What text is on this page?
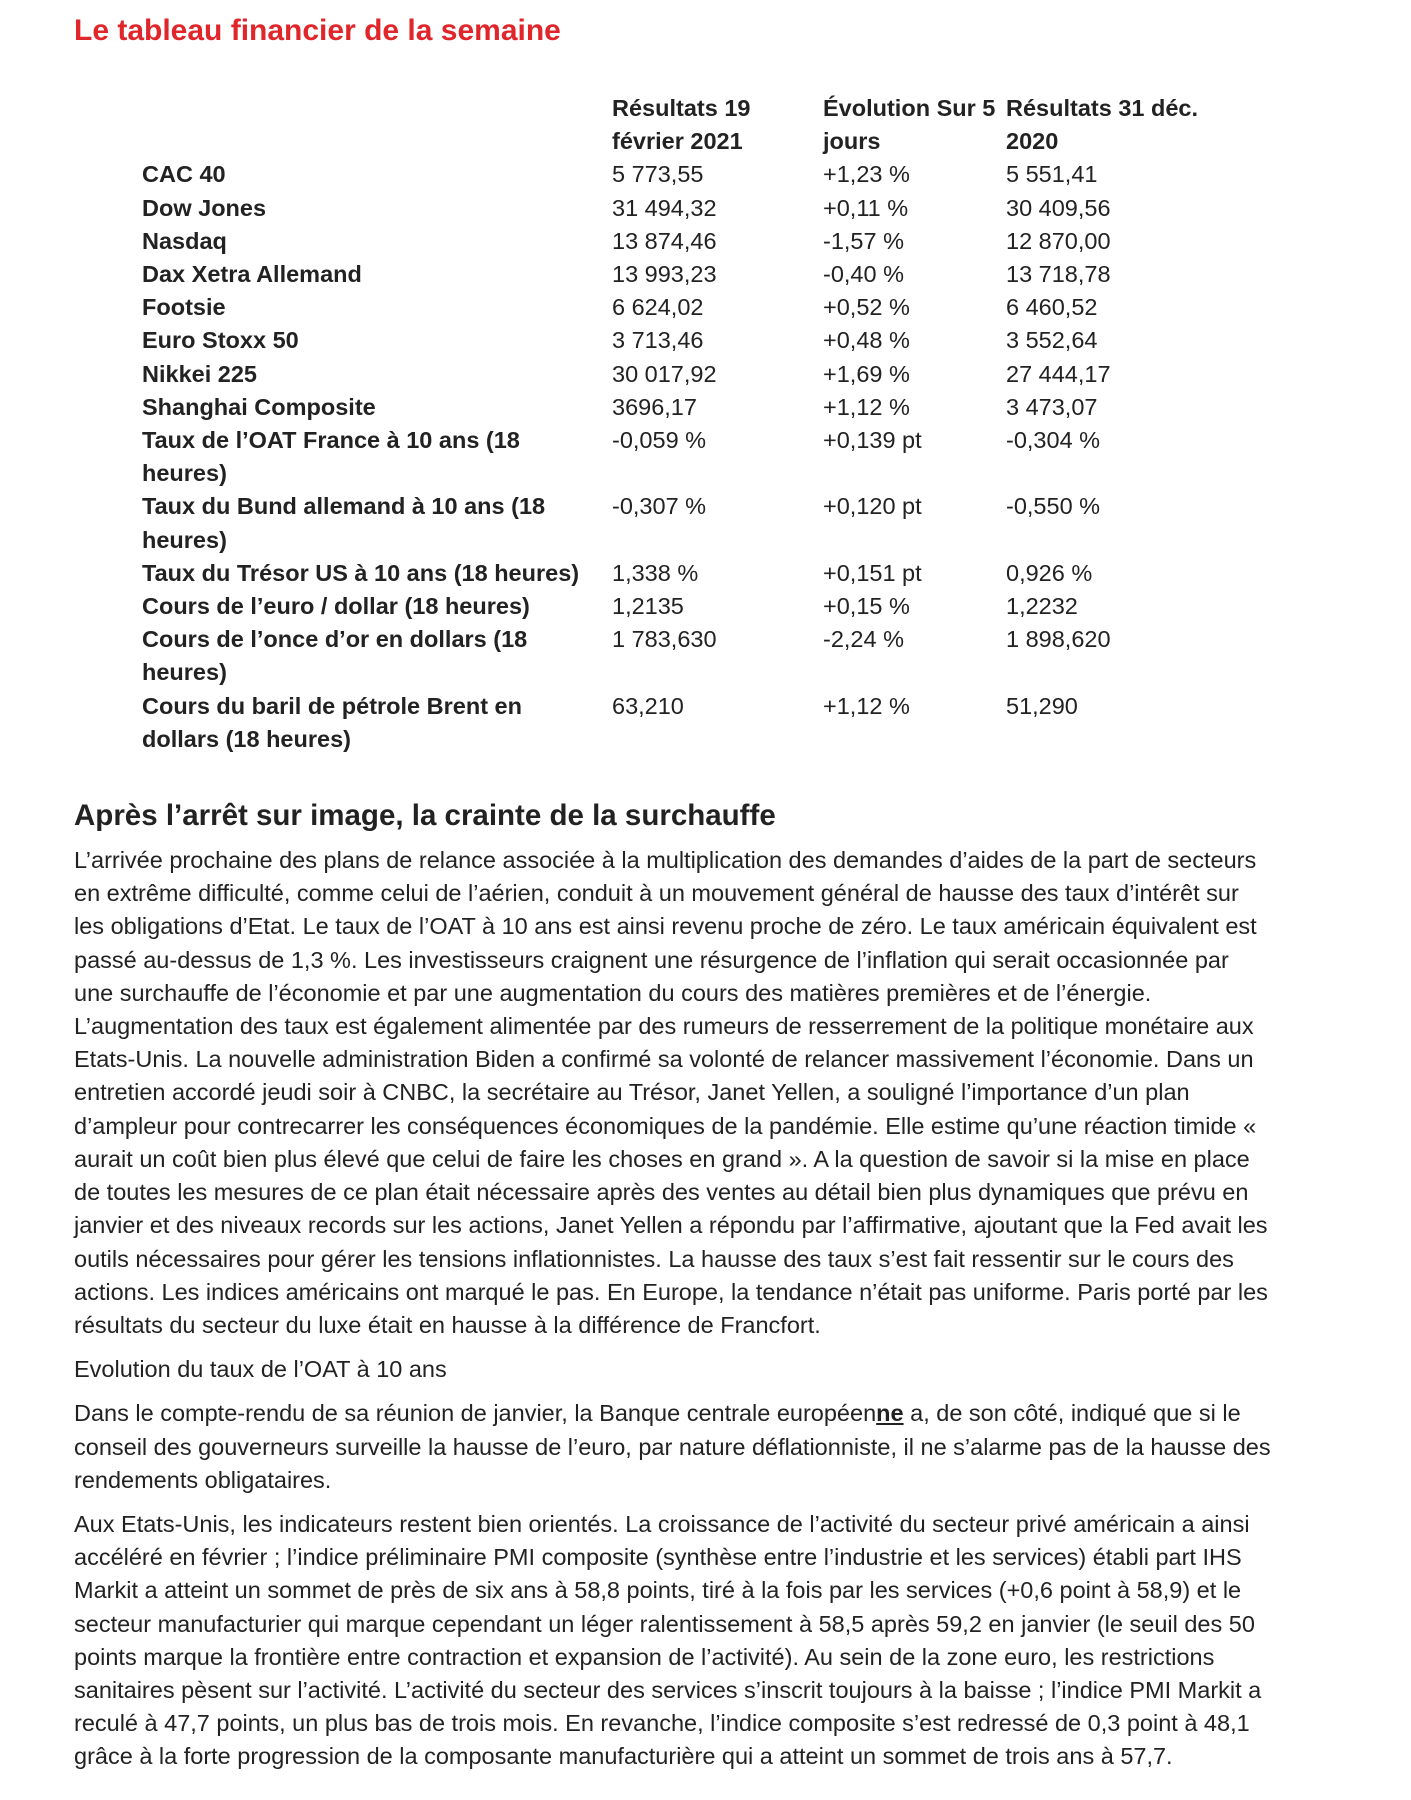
Le tableau financier de la semaine
	Résultats 19 février 2021	Évolution Sur 5 jours	Résultats 31 déc. 2020
CAC 40	5 773,55	+1,23 %	5 551,41
Dow Jones	31 494,32	+0,11 %	30 409,56
Nasdaq	13 874,46	-1,57 %	12 870,00
Dax Xetra Allemand	13 993,23	-0,40 %	13 718,78
Footsie	6 624,02	+0,52 %	6 460,52
Euro Stoxx 50	3 713,46	+0,48 %	3 552,64
Nikkei 225	30 017,92	+1,69 %	27 444,17
Shanghai Composite	3696,17	+1,12 %	3 473,07
Taux de l’OAT France à 10 ans (18 heures)	-0,059 %	+0,139 pt	-0,304 %
Taux du Bund allemand à 10 ans (18 heures)	-0,307 %	+0,120 pt	-0,550 %
Taux du Trésor US à 10 ans (18 heures)	1,338 %	+0,151 pt	0,926 %
Cours de l’euro / dollar (18 heures)	1,2135	+0,15 %	1,2232
Cours de l’once d’or en dollars (18 heures)	1 783,630	-2,24 %	1 898,620
Cours du baril de pétrole Brent en dollars (18 heures)	63,210	+1,12 %	51,290
Après l’arrêt sur image, la crainte de la surchauffe

L’arrivée prochaine des plans de relance associée à la multiplication des demandes d’aides de la part de secteurs en extrême difficulté, comme celui de l’aérien, conduit à un mouvement général de hausse des taux d’intérêt sur les obligations d’Etat. Le taux de l’OAT à 10 ans est ainsi revenu proche de zéro. Le taux américain équivalent est passé au-dessus de 1,3 %. Les investisseurs craignent une résurgence de l’inflation qui serait occasionnée par une surchauffe de l’économie et par une augmentation du cours des matières premières et de l’énergie. L’augmentation des taux est également alimentée par des rumeurs de resserrement de la politique monétaire aux Etats-Unis. La nouvelle administration Biden a confirmé sa volonté de relancer massivement l’économie. Dans un entretien accordé jeudi soir à CNBC, la secrétaire au Trésor, Janet Yellen, a souligné l’importance d’un plan d’ampleur pour contrecarrer les conséquences économiques de la pandémie. Elle estime qu’une réaction timide « aurait un coût bien plus élevé que celui de faire les choses en grand ». A la question de savoir si la mise en place de toutes les mesures de ce plan était nécessaire après des ventes au détail bien plus dynamiques que prévu en janvier et des niveaux records sur les actions, Janet Yellen a répondu par l’affirmative, ajoutant que la Fed avait les outils nécessaires pour gérer les tensions inflationnistes. La hausse des taux s’est fait ressentir sur le cours des actions. Les indices américains ont marqué le pas. En Europe, la tendance n’était pas uniforme. Paris porté par les résultats du secteur du luxe était en hausse à la différence de Francfort.

Evolution du taux de l’OAT à 10 ans

Dans le compte-rendu de sa réunion de janvier, la Banque centrale européenne a, de son côté, indiqué que si le conseil des gouverneurs surveille la hausse de l’euro, par nature déflationniste, il ne s’alarme pas de la hausse des rendements obligataires.

Aux Etats-Unis, les indicateurs restent bien orientés. La croissance de l’activité du secteur privé américain a ainsi accéléré en février ; l’indice préliminaire PMI composite (synthèse entre l’industrie et les services) établi part IHS Markit a atteint un sommet de près de six ans à 58,8 points, tiré à la fois par les services (+0,6 point à 58,9) et le secteur manufacturier qui marque cependant un léger ralentissement à 58,5 après 59,2 en janvier (le seuil des 50 points marque la frontière entre contraction et expansion de l’activité). Au sein de la zone euro, les restrictions sanitaires pèsent sur l’activité. L’activité du secteur des services s’inscrit toujours à la baisse ; l’indice PMI Markit a reculé à 47,7 points, un plus bas de trois mois. En revanche, l’indice composite s’est redressé de 0,3 point à 48,1 grâce à la forte progression de la composante manufacturière qui a atteint un sommet de trois ans à 57,7.
